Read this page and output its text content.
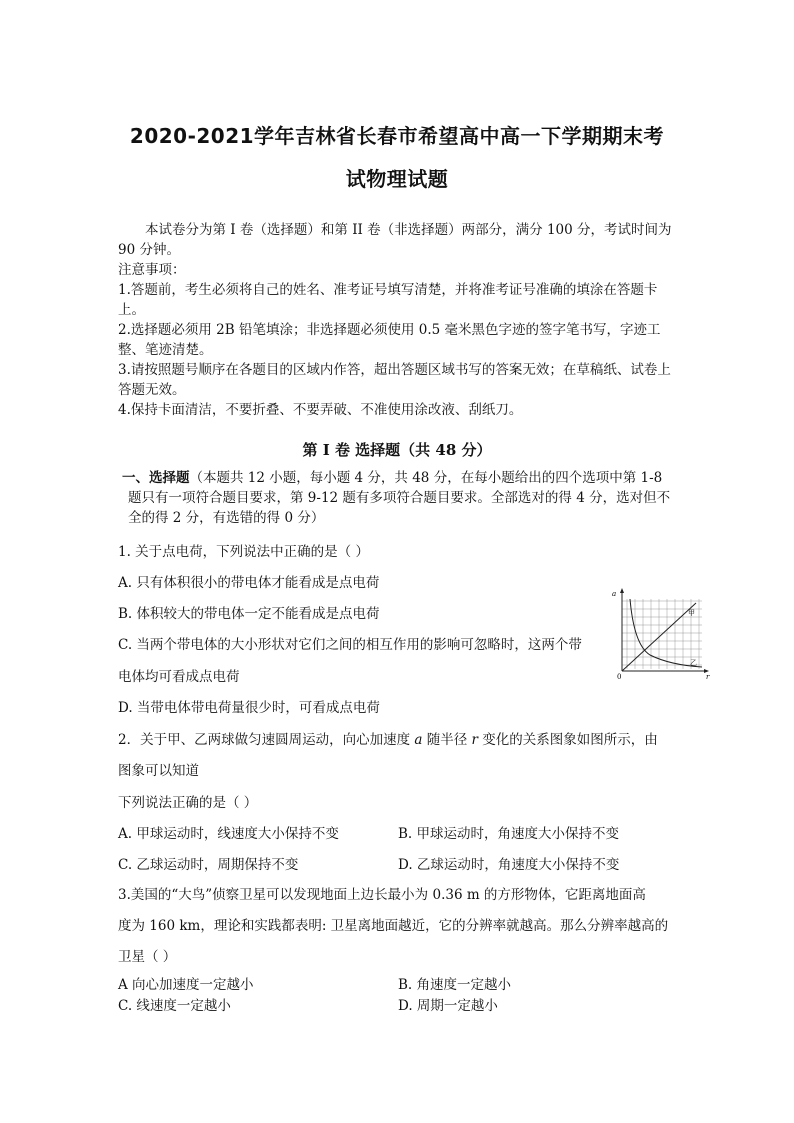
2020-2021学年吉林省长春市希望高中高一下学期期末考
试物理试题

本试卷分为第 I 卷（选择题）和第 II 卷（非选择题）两部分，满分 100 分，考试时间为 90 分钟。

注意事项：

1.答题前，考生必须将自己的姓名、准考证号填写清楚，并将准考证号准确的填涂在答题卡上。

2.选择题必须用 2B 铅笔填涂；非选择题必须使用 0.5 毫米黑色字迹的签字笔书写，字迹工整、笔迹清楚。

3.请按照题号顺序在各题目的区域内作答，超出答题区域书写的答案无效；在草稿纸、试卷上答题无效。

4.保持卡面清洁，不要折叠、不要弄破、不准使用涂改液、刮纸刀。

第 I 卷 选择题（共 48 分）

一、选择题（本题共 12 小题，每小题 4 分，共 48 分，在每小题给出的四个选项中第 1-8

题只有一项符合题目要求，第 9-12 题有多项符合题目要求。全部选对的得 4 分，选对但不

全的得 2 分，有选错的得 0 分）

1. 关于点电荷，下列说法中正确的是（ ）
A. 只有体积很小的带电体才能看成是点电荷
B. 体积较大的带电体一定不能看成是点电荷
C. 当两个带电体的大小形状对它们之间的相互作用的影响可忽略时，这两个带
电体均可看成点电荷
D. 当带电体带电荷量很少时，可看成点电荷
a
r
0
甲
乙
2．关于甲、乙两球做匀速圆周运动，向心加速度 a 随半径 r 变化的关系图象如图所示，由
图象可以知道
下列说法正确的是（ ）
A. 甲球运动时，线速度大小保持不变	B. 甲球运动时，角速度大小保持不变
C. 乙球运动时，周期保持不变	D. 乙球运动时，角速度大小保持不变
3.美国的“大鸟”侦察卫星可以发现地面上边长最小为 0.36 m 的方形物体，它距离地面高
度为 160 km，理论和实践都表明: 卫星离地面越近，它的分辨率就越高。那么分辨率越高的
卫星（ ）
A 向心加速度一定越小	B. 角速度一定越小
C. 线速度一定越小	D. 周期一定越小
